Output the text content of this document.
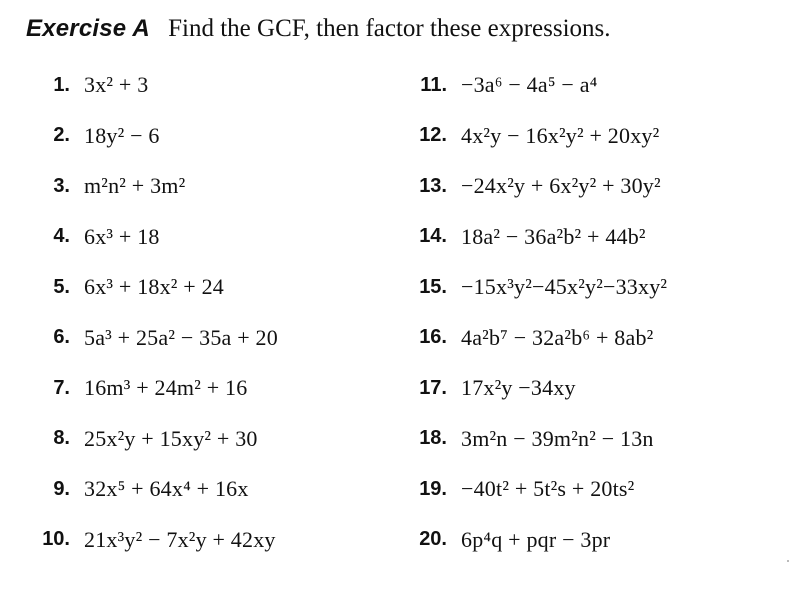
Exercise A Find the GCF, then factor these expressions.
1. 3x² + 3
2. 18y² − 6
3. m²n² + 3m²
4. 6x³ + 18
5. 6x³ + 18x² + 24
6. 5a³ + 25a² − 35a + 20
7. 16m³ + 24m² + 16
8. 25x²y + 15xy² + 30
9. 32x⁵ + 64x⁴ + 16x
10. 21x³y² − 7x²y + 42xy
11. −3a⁶ − 4a⁵ − a⁴
12. 4x²y − 16x²y² + 20xy²
13. −24x²y + 6x²y² + 30y²
14. 18a² − 36a²b² + 44b²
15. −15x³y²−45x²y²−33xy²
16. 4a²b⁷ − 32a²b⁶ + 8ab²
17. 17x²y −34xy
18. 3m²n − 39m²n² − 13n
19. −40t² + 5t²s + 20ts²
20. 6p⁴q + pqr − 3pr
